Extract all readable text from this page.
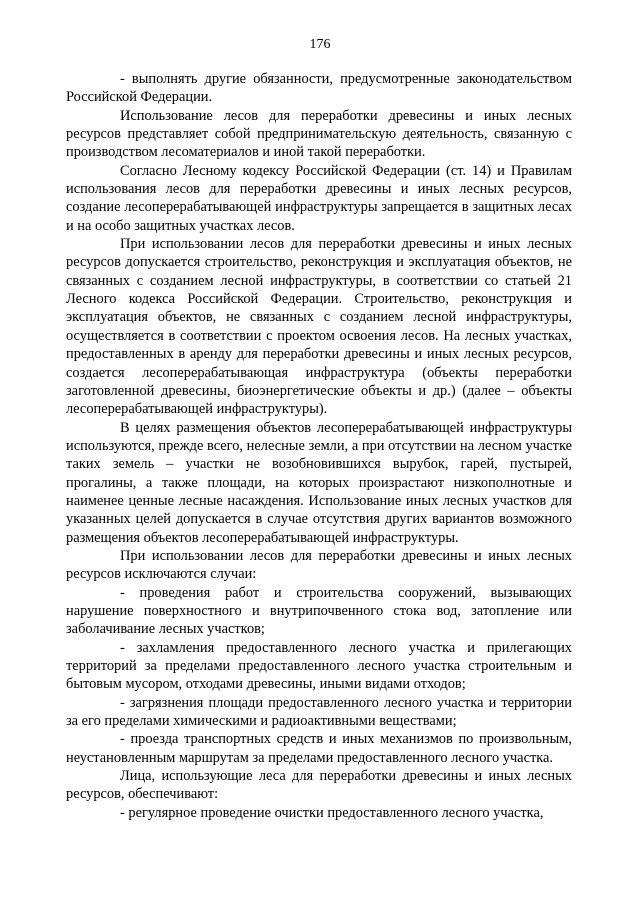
176

- выполнять другие обязанности, предусмотренные законодательством Российской Федерации.

Использование лесов для переработки древесины и иных лесных ресурсов представляет собой предпринимательскую деятельность, связанную с производством лесоматериалов и иной такой переработки.

Согласно Лесному кодексу Российской Федерации (ст. 14) и Правилам использования лесов для переработки древесины и иных лесных ресурсов, создание лесоперерабатывающей инфраструктуры запрещается в защитных лесах и на особо защитных участках лесов.

При использовании лесов для переработки древесины и иных лесных ресурсов допускается строительство, реконструкция и эксплуатация объектов, не связанных с созданием лесной инфраструктуры, в соответствии со статьей 21 Лесного кодекса Российской Федерации. Строительство, реконструкция и эксплуатация объектов, не связанных с созданием лесной инфраструктуры, осуществляется в соответствии с проектом освоения лесов. На лесных участках, предоставленных в аренду для переработки древесины и иных лесных ресурсов, создается лесоперерабатывающая инфраструктура (объекты переработки заготовленной древесины, биоэнергетические объекты и др.) (далее – объекты лесоперерабатывающей инфраструктуры).

В целях размещения объектов лесоперерабатывающей инфраструктуры используются, прежде всего, нелесные земли, а при отсутствии на лесном участке таких земель – участки не возобновившихся вырубок, гарей, пустырей, прогалины, а также площади, на которых произрастают низкополнотные и наименее ценные лесные насаждения. Использование иных лесных участков для указанных целей допускается в случае отсутствия других вариантов возможного размещения объектов лесоперерабатывающей инфраструктуры.

При использовании лесов для переработки древесины и иных лесных ресурсов исключаются случаи:

- проведения работ и строительства сооружений, вызывающих нарушение поверхностного и внутрипочвенного стока вод, затопление или заболачивание лесных участков;

- захламления предоставленного лесного участка и прилегающих территорий за пределами предоставленного лесного участка строительным и бытовым мусором, отходами древесины, иными видами отходов;

- загрязнения площади предоставленного лесного участка и территории за его пределами химическими и радиоактивными веществами;

- проезда транспортных средств и иных механизмов по произвольным, неустановленным маршрутам за пределами предоставленного лесного участка.

Лица, использующие леса для переработки древесины и иных лесных ресурсов, обеспечивают:

- регулярное проведение очистки предоставленного лесного участка,
